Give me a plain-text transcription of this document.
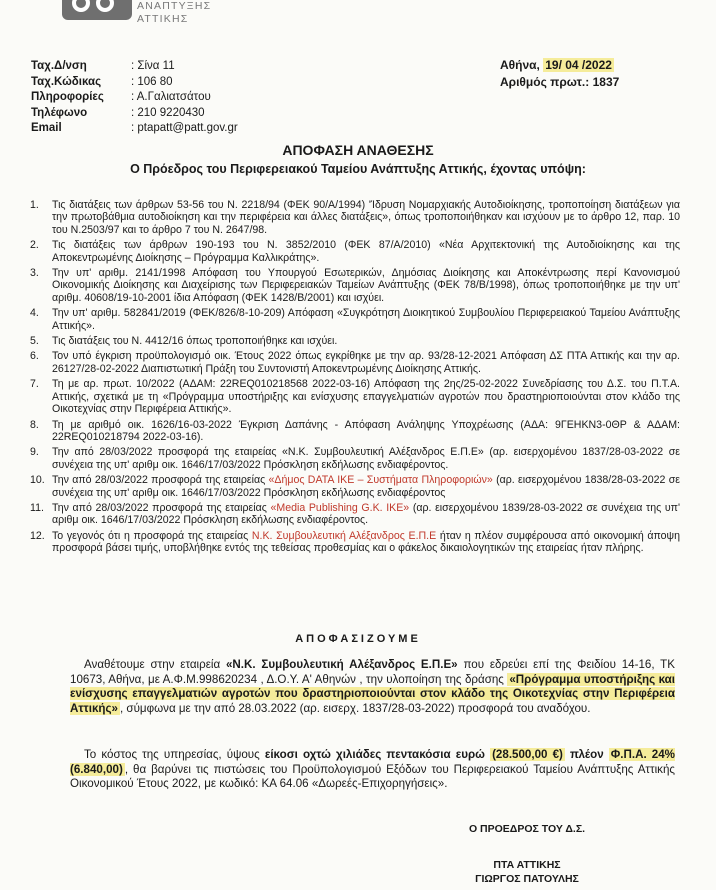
ΑΝΑΠΤΥΞΗΣ
ΑΤΤΙΚΗΣ
Ταχ.Δ/νση	: Σίνα 11
Ταχ.Κώδικας	: 106 80
Πληροφορίες	: Α.Γαλιατσάτου
Τηλέφωνο	: 210 9220430
Email	: ptapatt@patt.gov.gr
Αθήνα, 19/ 04 /2022
Αριθμός πρωτ.: 1837
ΑΠΟΦΑΣΗ ΑΝΑΘΕΣΗΣ
Ο Πρόεδρος του Περιφερειακού Ταμείου Ανάπτυξης Αττικής, έχοντας υπόψη:
1.	Τις διατάξεις των άρθρων 53-56 του Ν. 2218/94 (ΦΕΚ 90/Α/1994) 'Ίδρυση Νομαρχιακής Αυτοδιοίκησης, τροποποίηση διατάξεων για την πρωτοβάθμια αυτοδιοίκηση και την περιφέρεια και άλλες διατάξεις», όπως τροποποιήθηκαν και ισχύουν με το άρθρο 12, παρ. 10 του Ν.2503/97 και το άρθρο 7 του Ν. 2647/98.
2.	Τις διατάξεις των άρθρων 190-193 του Ν. 3852/2010 (ΦΕΚ 87/Α/2010) «Νέα Αρχιτεκτονική της Αυτοδιοίκησης και της Αποκεντρωμένης Διοίκησης – Πρόγραμμα Καλλικράτης».
3.	Την υπ' αριθμ. 2141/1998 Απόφαση του Υπουργού Εσωτερικών, Δημόσιας Διοίκησης και Αποκέντρωσης περί Κανονισμού Οικονομικής Διοίκησης και Διαχείρισης των Περιφερειακών Ταμείων Ανάπτυξης (ΦΕΚ 78/Β/1998), όπως τροποποιήθηκε με την υπ' αριθμ. 40608/19-10-2001 ίδια Απόφαση (ΦΕΚ 1428/Β/2001) και ισχύει.
4.	Την υπ' αριθμ. 582841/2019 (ΦΕΚ/826/8-10-209) Απόφαση «Συγκρότηση Διοικητικού Συμβουλίου Περιφερειακού Ταμείου Ανάπτυξης Αττικής».
5.	Τις διατάξεις του Ν. 4412/16 όπως τροποποιήθηκε και ισχύει.
6.	Τον υπό έγκριση προϋπολογισμό οικ. Έτους 2022 όπως εγκρίθηκε με την αρ. 93/28-12-2021 Απόφαση ΔΣ ΠΤΑ Αττικής και την αρ. 26127/28-02-2022 Διαπιστωτική Πράξη του Συντονιστή Αποκεντρωμένης Διοίκησης Αττικής.
7.	Τη με αρ. πρωτ. 10/2022 (ΑΔΑΜ: 22REQ010218568 2022-03-16) Απόφαση της 2ης/25-02-2022 Συνεδρίασης του Δ.Σ. του Π.Τ.Α. Αττικής, σχετικά με τη «Πρόγραμμα υποστήριξης και ενίσχυσης επαγγελματιών αγροτών που δραστηριοποιούνται στον κλάδο της Οικοτεχνίας στην Περιφέρεια Αττικής».
8.	Τη με αριθμό οικ. 1626/16-03-2022 Έγκριση Δαπάνης - Απόφαση Ανάληψης Υποχρέωσης (ΑΔΑ: 9ΓΕΗΚΝ3-0ΘΡ & ΑΔΑΜ: 22REQ010218794 2022-03-16).
9.	Την από 28/03/2022 προσφορά της εταιρείας «Ν.Κ. Συμβουλευτική Αλέξανδρος Ε.Π.Ε» (αρ. εισερχομένου 1837/28-03-2022 σε συνέχεια της υπ' αριθμ οικ. 1646/17/03/2022 Πρόσκληση εκδήλωσης ενδιαφέροντος.
10. Την από 28/03/2022 προσφορά της εταιρείας «Δήμος DATA ΙΚΕ – Συστήματα Πληροφοριών» (αρ. εισερχομένου 1838/28-03-2022 σε συνέχεια της υπ' αριθμ οικ. 1646/17/03/2022 Πρόσκληση εκδήλωσης ενδιαφέροντος
11. Την από 28/03/2022 προσφορά της εταιρείας «Media Publishing G.K. IKE» (αρ. εισερχομένου 1839/28-03-2022 σε συνέχεια της υπ' αριθμ οικ. 1646/17/03/2022 Πρόσκληση εκδήλωσης ενδιαφέροντος.
12. Το γεγονός ότι η προσφορά της εταιρείας Ν.Κ. Συμβουλευτική Αλέξανδρος Ε.Π.Ε ήταν η πλέον συμφέρουσα από οικονομική άποψη προσφορά βάσει τιμής, υποβλήθηκε εντός της τεθείσας προθεσμίας και ο φάκελος δικαιολογητικών της εταιρείας ήταν πλήρης.
ΑΠΟΦΑΣΙΖΟΥΜΕ

Αναθέτουμε στην εταιρεία «Ν.Κ. Συμβουλευτική Αλέξανδρος Ε.Π.Ε» που εδρεύει επί της Φειδίου 14-16, ΤΚ 10673, Αθήνα, με Α.Φ.Μ.998620234 , Δ.Ο.Υ. Α' Αθηνών , την υλοποίηση της δράσης «Πρόγραμμα υποστήριξης και ενίσχυσης επαγγελματιών αγροτών που δραστηριοποιούνται στον κλάδο της Οικοτεχνίας στην Περιφέρεια Αττικής» , σύμφωνα με την από 28.03.2022 (αρ. εισερχ. 1837/28-03-2022) προσφορά του αναδόχου.

Το κόστος της υπηρεσίας, ύψους είκοσι οχτώ χιλιάδες πεντακόσια ευρώ (28.500,00 €) πλέον Φ.Π.Α. 24% (6.840,00) , θα βαρύνει τις πιστώσεις του Προϋπολογισμού Εξόδων του Περιφερειακού Ταμείου Ανάπτυξης Αττικής Οικονομικού Έτους 2022, με κωδικό: ΚΑ 64.06 «Δωρεές-Επιχορηγήσεις».

Ο ΠΡΟΕΔΡΟΣ ΤΟΥ Δ.Σ.
ΠΤΑ ΑΤΤΙΚΗΣ
ΓΙΩΡΓΟΣ ΠΑΤΟΥΛΗΣ
